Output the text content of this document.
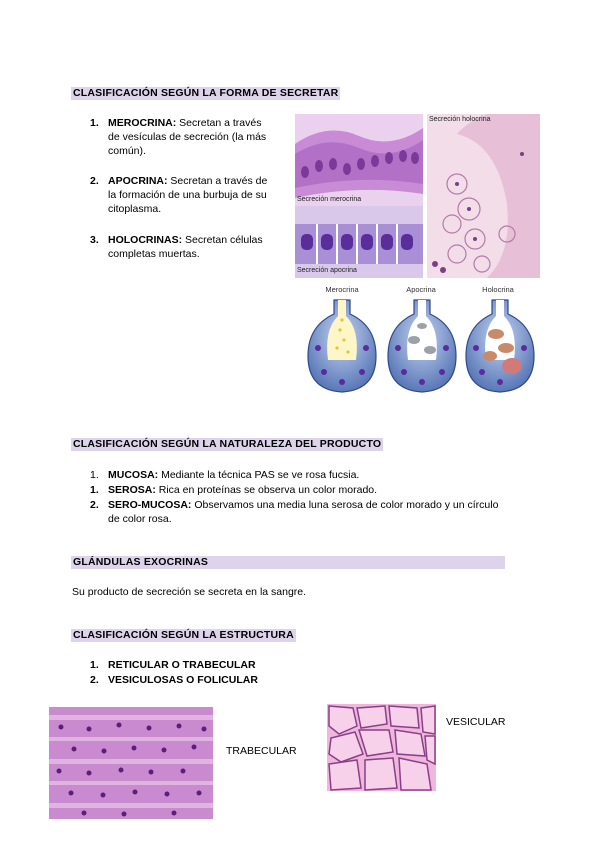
CLASIFICACIÓN SEGÚN LA FORMA DE SECRETAR
1. MEROCRINA: Secretan a través
de vesículas de secreción (la más
común).
2. APOCRINA: Secretan a través de
la formación de una burbuja de su
citoplasma.
3. HOLOCRINAS: Secretan células
completas muertas.
Secreción merocrina
Secreción apocrina
Secreción holocrina
Merocrina	Apocrina	Holocrina
CLASIFICACIÓN SEGÚN LA NATURALEZA DEL PRODUCTO
1. MUCOSA: Mediante la técnica PAS se ve rosa fucsia.
1. SEROSA: Rica en proteínas se observa un color morado.
2. SERO-MUCOSA: Observamos una media luna serosa de color morado y un círculo
de color rosa.
GLÁNDULAS EXOCRINAS
Su producto de secreción se secreta en la sangre.
CLASIFICACIÓN SEGÚN LA ESTRUCTURA
1. RETICULAR O TRABECULAR
2. VESICULOSAS O FOLICULAR
TRABECULAR
VESICULAR
